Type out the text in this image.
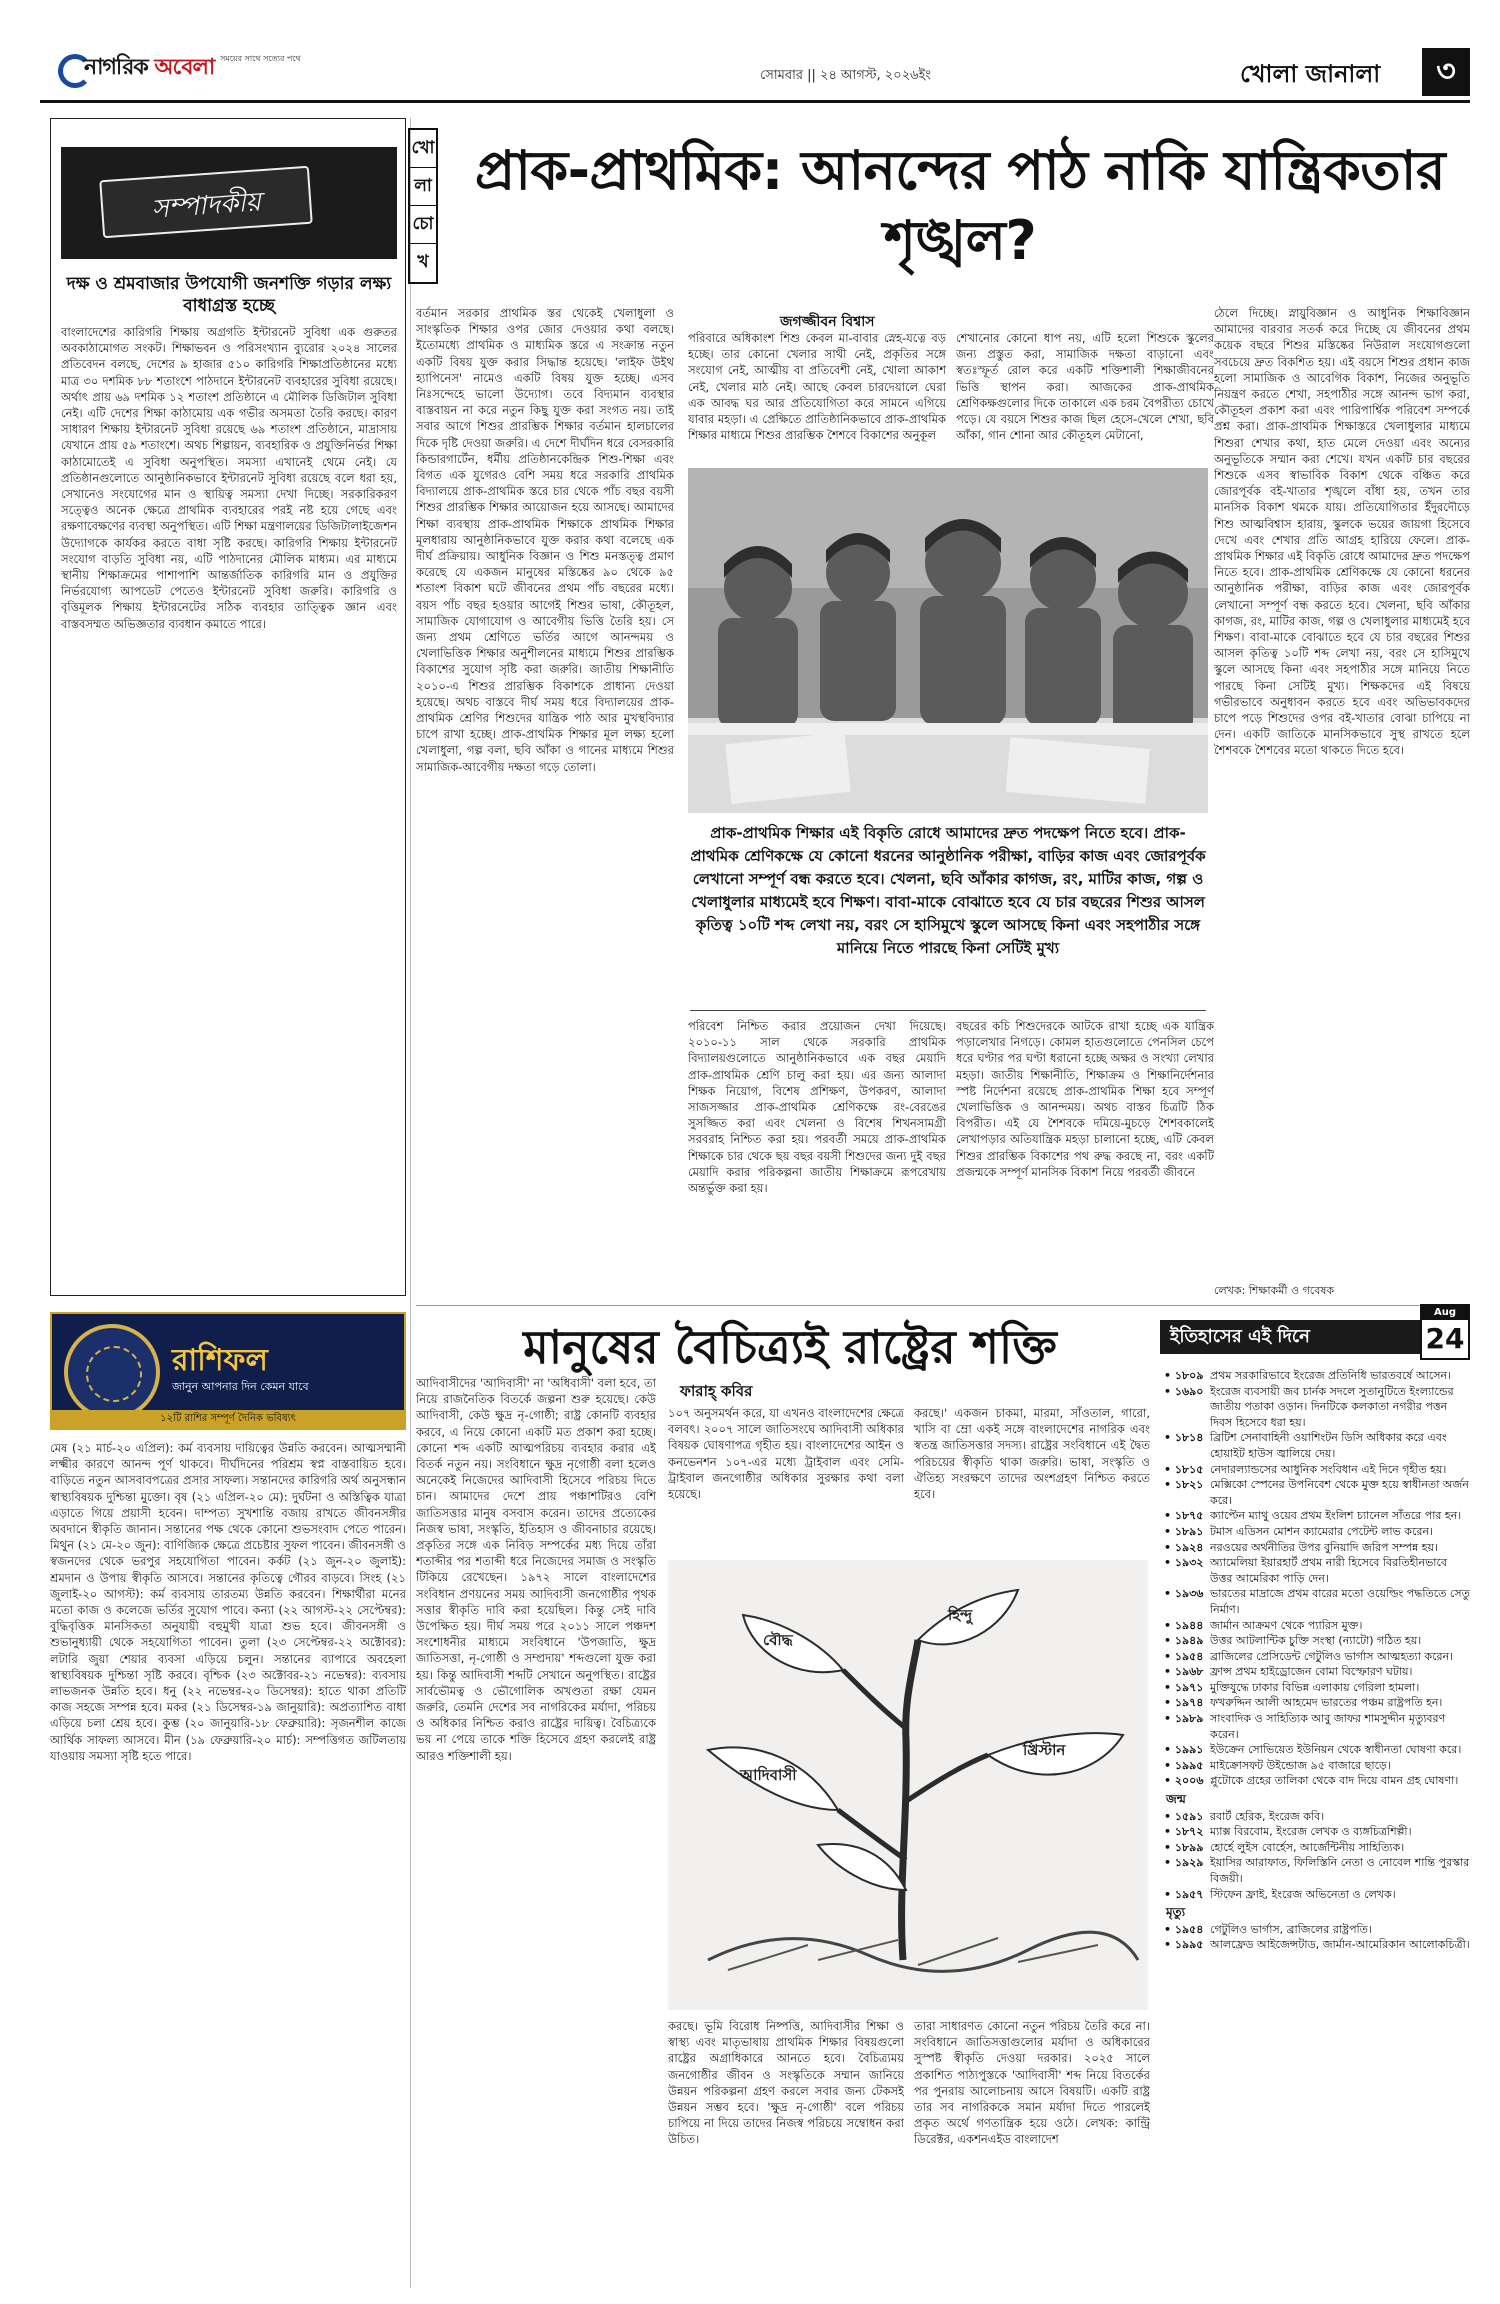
নাগরিক অবেলা সময়ের সাথে সত্যের পথে
সোমবার || ২৪ আগস্ট, ২০২৬ইং	খোলা জানালা	৩
সম্পাদকীয়
দক্ষ ও শ্রমবাজার উপযোগী জনশক্তি গড়ার লক্ষ্য বাধাগ্রস্ত হচ্ছে
বাংলাদেশের কারিগরি শিক্ষায় অগ্রগতি ইন্টারনেট সুবিধা এক গুরুতর অবকাঠামোগত সংকট। শিক্ষাভবন ও পরিসংখ্যান ব্যুরোর ২০২৪ সালের প্রতিবেদন বলছে, দেশের ৯ হাজার ৫১০ কারিগরি শিক্ষাপ্রতিষ্ঠানের মধ্যে মাত্র ৩০ দশমিক ৮৮ শতাংশে পাঠদানে ইন্টারনেট ব্যবহারের সুবিধা রয়েছে। অর্থাৎ প্রায় ৬৯ দশমিক ১২ শতাংশ প্রতিষ্ঠানে এ মৌলিক ডিজিটাল সুবিধা নেই। এটি দেশের শিক্ষা কাঠামোয় এক গভীর অসমতা তৈরি করছে। কারণ সাধারণ শিক্ষায় ইন্টারনেট সুবিধা রয়েছে ৬৯ শতাংশ প্রতিষ্ঠানে, মাদ্রাসায় যেখানে প্রায় ৫৯ শতাংশে। অথচ শিল্পায়ন, ব্যবহারিক ও প্রযুক্তিনির্ভর শিক্ষা কাঠামোতেই এ সুবিধা অনুপস্থিত। সমস্যা এখানেই থেমে নেই। যে প্রতিষ্ঠানগুলোতে আনুষ্ঠানিকভাবে ইন্টারনেট সুবিধা রয়েছে বলে ধরা হয়, সেখানেও সংযোগের মান ও স্থায়িত্ব সমস্যা দেখা দিচ্ছে। সরকারিকরণ সত্ত্বেও অনেক ক্ষেত্রে প্রাথমিক ব্যবহারের পরই নষ্ট হয়ে গেছে এবং রক্ষণাবেক্ষণের ব্যবস্থা অনুপস্থিত। এটি শিক্ষা মন্ত্রণালয়ের ডিজিটালাইজেশন উদ্যোগকে কার্যকর করতে বাধা সৃষ্টি করছে। কারিগরি শিক্ষায় ইন্টারনেট সংযোগ বাড়তি সুবিধা নয়, এটি পাঠদানের মৌলিক মাধ্যম। এর মাধ্যমে স্থানীয় শিক্ষাক্রমের পাশাপাশি আন্তর্জাতিক কারিগরি মান ও প্রযুক্তির নির্ভরযোগ্য আপডেট পেতেও ইন্টারনেট সুবিধা জরুরি। কারিগরি ও বৃত্তিমূলক শিক্ষায় ইন্টারনেটের সঠিক ব্যবহার তাত্ত্বিক জ্ঞান এবং বাস্তবসম্মত অভিজ্ঞতার ব্যবধান কমাতে পারে।
রাশিফল
জানুন আপনার দিন কেমন যাবে
১২টি রাশির সম্পূর্ণ দৈনিক ভবিষ্যৎ
মেষ (২১ মার্চ-২০ এপ্রিল): কর্ম ব্যবসায় দায়িত্বের উন্নতি করবেন। আত্মসম্মানী লক্ষ্মীর কারণে আনন্দ পূর্ণ থাকবে। দীর্ঘদিনের পরিশ্রম স্বপ্ন বাস্তবায়িত হবে। বাড়িতে নতুন আসবাবপত্রের প্রসার সাফল্য। সন্তানদের কারিগরি অর্থ অনুসন্ধান স্বাস্থ্যবিষয়ক দুশ্চিন্তা মুক্তো। বৃষ (২১ এপ্রিল-২০ মে): দুর্ঘটনা ও অস্তিত্বিক যাত্রা এড়াতে গিয়ে প্রয়াসী হবেন। দাম্পত্য সুখশান্তি বজায় রাখতে জীবনসঙ্গীর অবদানে স্বীকৃতি জানান। সন্তানের পক্ষ থেকে কোনো শুভসংবাদ পেতে পারেন। মিথুন (২১ মে-২০ জুন): বাণিজ্যিক ক্ষেত্রে প্রচেষ্টার সুফল পাবেন। জীবনসঙ্গী ও স্বজনদের থেকে ভরপুর সহযোগিতা পাবেন। কর্কট (২১ জুন-২০ জুলাই): শ্রমদান ও উপায় স্বীকৃতি আসবে। সন্তানের কৃতিত্বে গৌরব বাড়বে। সিংহ (২১ জুলাই-২০ আগস্ট): কর্ম ব্যবসায় তারতম্য উন্নতি করবেন। শিক্ষার্থীরা মনের মতো কাজ ও কলেজে ভর্তির সুযোগ পাবে। কন্যা (২২ আগস্ট-২২ সেপ্টেম্বর): বুদ্ধিবৃত্তিক মানসিকতা অনুযায়ী বহুমুখী যাত্রা শুভ হবে। জীবনসঙ্গী ও শুভানুধ্যায়ী থেকে সহযোগিতা পাবেন। তুলা (২৩ সেপ্টেম্বর-২২ অক্টোবর): লটারি জুয়া শেয়ার ব্যবসা এড়িয়ে চলুন। সন্তানের ব্যাপারে অবহেলা স্বাস্থ্যবিষয়ক দুশ্চিন্তা সৃষ্টি করবে। বৃশ্চিক (২৩ অক্টোবর-২১ নভেম্বর): ব্যবসায় লাভজনক উন্নতি হবে। ধনু (২২ নভেম্বর-২০ ডিসেম্বর): হাতে থাকা প্রতিটি কাজ সহজে সম্পন্ন হবে। মকর (২১ ডিসেম্বর-১৯ জানুয়ারি): অপ্রত্যাশিত বাধা এড়িয়ে চলা শ্রেয় হবে। কুম্ভ (২০ জানুয়ারি-১৮ ফেব্রুয়ারি): সৃজনশীল কাজে আর্থিক সাফল্য আসবে। মীন (১৯ ফেব্রুয়ারি-২০ মার্চ): সম্পত্তিগত জটিলতায় যাওয়ায় সমস্যা সৃষ্টি হতে পারে।
খো
লা
চো
খ
প্রাক-প্রাথমিক: আনন্দের পাঠ নাকি যান্ত্রিকতার শৃঙ্খল?
জগজ্জীবন বিশ্বাস
বর্তমান সরকার প্রাথমিক স্তর থেকেই খেলাধুলা ও সাংস্কৃতিক শিক্ষার ওপর জোর দেওয়ার কথা বলছে। ইতোমধ্যে প্রাথমিক ও মাধ্যমিক স্তরে এ সংক্রান্ত নতুন একটি বিষয় যুক্ত করার সিদ্ধান্ত হয়েছে। 'লাইফ উইথ হ্যাপিনেস' নামেও একটি বিষয় যুক্ত হচ্ছে। এসব নিঃসন্দেহে ভালো উদ্যোগ। তবে বিদ্যমান ব্যবস্থার বাস্তবায়ন না করে নতুন কিছু যুক্ত করা সংগত নয়। তাই সবার আগে শিশুর প্রারম্ভিক শিক্ষার বর্তমান হালচালের দিকে দৃষ্টি দেওয়া জরুরি। এ দেশে দীর্ঘদিন ধরে বেসরকারি কিন্ডারগার্টেন, ধর্মীয় প্রতিষ্ঠানকেন্দ্রিক শিশু-শিক্ষা এবং বিগত এক যুগেরও বেশি সময় ধরে সরকারি প্রাথমিক বিদ্যালয়ে প্রাক-প্রাথমিক স্তরে চার থেকে পাঁচ বছর বয়সী শিশুর প্রারম্ভিক শিক্ষার আয়োজন হয়ে আসছে। আমাদের শিক্ষা ব্যবস্থায় প্রাক-প্রাথমিক শিক্ষাকে প্রাথমিক শিক্ষার মূলধারায় আনুষ্ঠানিকভাবে যুক্ত করার কথা বলেছে এক দীর্ঘ প্রক্রিয়ায়। আধুনিক বিজ্ঞান ও শিশু মনস্তত্ত্ব প্রমাণ করেছে যে একজন মানুষের মস্তিষ্কের ৯০ থেকে ৯৫ শতাংশ বিকাশ ঘটে জীবনের প্রথম পাঁচ বছরের মধ্যে। বয়স পাঁচ বছর হওয়ার আগেই শিশুর ভাষা, কৌতূহল, সামাজিক যোগাযোগ ও আবেগীয় ভিত্তি তৈরি হয়। সে জন্য প্রথম শ্রেণিতে ভর্তির আগে আনন্দময় ও খেলাভিত্তিক শিক্ষার অনুশীলনের মাধ্যমে শিশুর প্রারম্ভিক বিকাশের সুযোগ সৃষ্টি করা জরুরি। জাতীয় শিক্ষানীতি ২০১০-এ শিশুর প্রারম্ভিক বিকাশকে প্রাধান্য দেওয়া হয়েছে। অথচ বাস্তবে দীর্ঘ সময় ধরে বিদ্যালয়ের প্রাক-প্রাথমিক শ্রেণির শিশুদের যান্ত্রিক পাঠ আর মুখস্থবিদ্যার চাপে রাখা হচ্ছে। প্রাক-প্রাথমিক শিক্ষার মূল লক্ষ্য হলো খেলাধুলা, গল্প বলা, ছবি আঁকা ও গানের মাধ্যমে শিশুর সামাজিক-আবেগীয় দক্ষতা গড়ে তোলা।
পরিবারে অধিকাংশ শিশু কেবল মা-বাবার স্নেহ-যত্নে বড় হচ্ছে। তার কোনো খেলার সাথী নেই, প্রকৃতির সঙ্গে সংযোগ নেই, আত্মীয় বা প্রতিবেশী নেই, খোলা আকাশ নেই, খেলার মাঠ নেই। আছে কেবল চারদেয়ালে ঘেরা এক আবদ্ধ ঘর আর প্রতিযোগিতা করে সামনে এগিয়ে যাবার মহড়া। এ প্রেক্ষিতে প্রাতিষ্ঠানিকভাবে প্রাক-প্রাথমিক শিক্ষার মাধ্যমে শিশুর প্রারম্ভিক শৈশবে বিকাশের অনুকূল
শেখানোর কোনো ধাপ নয়, এটি হলো শিশুকে স্কুলের জন্য প্রস্তুত করা, সামাজিক দক্ষতা বাড়ানো এবং স্বতঃস্ফূর্ত রোল করে একটি শক্তিশালী শিক্ষাজীবনের ভিত্তি স্থাপন করা। আজকের প্রাক-প্রাথমিক শ্রেণিকক্ষগুলোর দিকে তাকালে এক চরম বৈপরীত্য চোখে পড়ে। যে বয়সে শিশুর কাজ ছিল হেসে-খেলে শেখা, ছবি আঁকা, গান শোনা আর কৌতূহল মেটানো,
প্রাক-প্রাথমিক শিক্ষার এই বিকৃতি রোধে আমাদের দ্রুত পদক্ষেপ নিতে হবে। প্রাক-প্রাথমিক শ্রেণিকক্ষে যে কোনো ধরনের আনুষ্ঠানিক পরীক্ষা, বাড়ির কাজ এবং জোরপূর্বক লেখানো সম্পূর্ণ বন্ধ করতে হবে। খেলনা, ছবি আঁকার কাগজ, রং, মাটির কাজ, গল্প ও খেলাধুলার মাধ্যমেই হবে শিক্ষণ। বাবা-মাকে বোঝাতে হবে যে চার বছরের শিশুর আসল কৃতিত্ব ১০টি শব্দ লেখা নয়, বরং সে হাসিমুখে স্কুলে আসছে কিনা এবং সহপাঠীর সঙ্গে মানিয়ে নিতে পারছে কিনা সেটিই মুখ্য
পরিবেশ নিশ্চিত করার প্রয়োজন দেখা দিয়েছে। ২০১০-১১ সাল থেকে সরকারি প্রাথমিক বিদ্যালয়গুলোতে আনুষ্ঠানিকভাবে এক বছর মেয়াদি প্রাক-প্রাথমিক শ্রেণি চালু করা হয়। এর জন্য আলাদা শিক্ষক নিয়োগ, বিশেষ প্রশিক্ষণ, উপকরণ, আলাদা সাজসজ্জার প্রাক-প্রাথমিক শ্রেণিকক্ষে রং-বেরঙের সুসজ্জিত করা এবং খেলনা ও বিশেষ শিখনসামগ্রী সরবরাহ নিশ্চিত করা হয়। পরবর্তী সময়ে প্রাক-প্রাথমিক শিক্ষাকে চার থেকে ছয় বছর বয়সী শিশুদের জন্য দুই বছর মেয়াদি করার পরিকল্পনা জাতীয় শিক্ষাক্রমে রূপরেখায় অন্তর্ভুক্ত করা হয়।
বছরের কচি শিশুদেরকে আটকে রাখা হচ্ছে এক যান্ত্রিক পড়ালেখার নিগড়ে। কোমল হাতগুলোতে পেনসিল চেপে ধরে ঘণ্টার পর ঘণ্টা ধরানো হচ্ছে অক্ষর ও সংখ্যা লেখার মহড়া। জাতীয় শিক্ষানীতি, শিক্ষাক্রম ও শিক্ষানির্দেশনার স্পষ্ট নির্দেশনা রয়েছে প্রাক-প্রাথমিক শিক্ষা হবে সম্পূর্ণ খেলাভিত্তিক ও আনন্দময়। অথচ বাস্তব চিত্রটি ঠিক বিপরীত। এই যে শৈশবকে দমিয়ে-মুচড়ে শৈশবকালেই লেখাপড়ার অতিযান্ত্রিক মহড়া চালানো হচ্ছে, এটি কেবল শিশুর প্রারম্ভিক বিকাশের পথ রুদ্ধ করছে না, বরং একটি প্রজন্মকে সম্পূর্ণ মানসিক বিকাশ নিয়ে পরবর্তী জীবনে
ঠেলে দিচ্ছে। স্নায়ুবিজ্ঞান ও আধুনিক শিক্ষাবিজ্ঞান আমাদের বারবার সতর্ক করে দিচ্ছে যে জীবনের প্রথম কয়েক বছরে শিশুর মস্তিষ্কের নিউরাল সংযোগগুলো সবচেয়ে দ্রুত বিকশিত হয়। এই বয়সে শিশুর প্রধান কাজ হলো সামাজিক ও আবেগিক বিকাশ, নিজের অনুভূতি নিয়ন্ত্রণ করতে শেখা, সহপাঠীর সঙ্গে আনন্দ ভাগ করা, কৌতূহল প্রকাশ করা এবং পারিপার্শ্বিক পরিবেশ সম্পর্কে প্রশ্ন করা। প্রাক-প্রাথমিক শিক্ষাস্তরে খেলাধুলার মাধ্যমে শিশুরা শেখার কথা, হাত মেলে দেওয়া এবং অন্যের অনুভূতিকে সম্মান করা শেখে। যখন একটি চার বছরের শিশুকে এসব স্বাভাবিক বিকাশ থেকে বঞ্চিত করে জোরপূর্বক বই-খাতার শৃঙ্খলে বাঁধা হয়, তখন তার মানসিক বিকাশ থমকে যায়। প্রতিযোগিতার ইঁদুরদৌড়ে শিশু আত্মবিশ্বাস হারায়, স্কুলকে ভয়ের জায়গা হিসেবে দেখে এবং শেখার প্রতি আগ্রহ হারিয়ে ফেলে। প্রাক-প্রাথমিক শিক্ষার এই বিকৃতি রোধে আমাদের দ্রুত পদক্ষেপ নিতে হবে। প্রাক-প্রাথমিক শ্রেণিকক্ষে যে কোনো ধরনের আনুষ্ঠানিক পরীক্ষা, বাড়ির কাজ এবং জোরপূর্বক লেখানো সম্পূর্ণ বন্ধ করতে হবে। খেলনা, ছবি আঁকার কাগজ, রং, মাটির কাজ, গল্প ও খেলাধুলার মাধ্যমেই হবে শিক্ষণ। বাবা-মাকে বোঝাতে হবে যে চার বছরের শিশুর আসল কৃতিত্ব ১০টি শব্দ লেখা নয়, বরং সে হাসিমুখে স্কুলে আসছে কিনা এবং সহপাঠীর সঙ্গে মানিয়ে নিতে পারছে কিনা সেটিই মুখ্য। শিক্ষকদের এই বিষয়ে গভীরভাবে অনুধাবন করতে হবে এবং অভিভাবকদের চাপে পড়ে শিশুদের ওপর বই-খাতার বোঝা চাপিয়ে না দেন। একটি জাতিকে মানসিকভাবে সুস্থ রাখতে হলে শৈশবকে শৈশবের মতো থাকতে দিতে হবে।
লেখক: শিক্ষাকর্মী ও গবেষক
মানুষের বৈচিত্র্যই রাষ্ট্রের শক্তি
ফারাহ্ কবির
আদিবাসীদের 'আদিবাসী' না 'অধিবাসী' বলা হবে, তা নিয়ে রাজনৈতিক বিতর্কে জল্পনা শুরু হয়েছে। কেউ আদিবাসী, কেউ ক্ষুদ্র নৃ-গোষ্ঠী; রাষ্ট্র কোনটি ব্যবহার করবে, এ নিয়ে কোনো একটি মত প্রকাশ করা হচ্ছে। কোনো শব্দ একটি আত্মপরিচয় ব্যবহার করার এই বিতর্ক নতুন নয়। সংবিধানে ক্ষুদ্র নৃগোষ্ঠী বলা হলেও অনেকেই নিজেদের আদিবাসী হিসেবে পরিচয় দিতে চান। আমাদের দেশে প্রায় পঞ্চাশটিরও বেশি জাতিসত্তার মানুষ বসবাস করেন। তাদের প্রত্যেকের নিজস্ব ভাষা, সংস্কৃতি, ইতিহাস ও জীবনাচার রয়েছে। প্রকৃতির সঙ্গে এক নিবিড় সম্পর্কের মধ্য দিয়ে তাঁরা শতাব্দীর পর শতাব্দী ধরে নিজেদের সমাজ ও সংস্কৃতি টিকিয়ে রেখেছেন। ১৯৭২ সালে বাংলাদেশের সংবিধান প্রণয়নের সময় আদিবাসী জনগোষ্ঠীর পৃথক সত্তার স্বীকৃতি দাবি করা হয়েছিল। কিন্তু সেই দাবি উপেক্ষিত হয়। দীর্ঘ সময় পরে ২০১১ সালে পঞ্চদশ সংশোধনীর মাধ্যমে সংবিধানে 'উপজাতি, ক্ষুদ্র জাতিসত্তা, নৃ-গোষ্ঠী ও সম্প্রদায়' শব্দগুলো যুক্ত করা হয়। কিন্তু আদিবাসী শব্দটি সেখানে অনুপস্থিত। রাষ্ট্রের সার্বভৌমত্ব ও ভৌগোলিক অখণ্ডতা রক্ষা যেমন জরুরি, তেমনি দেশের সব নাগরিকের মর্যাদা, পরিচয় ও অধিকার নিশ্চিত করাও রাষ্ট্রের দায়িত্ব। বৈচিত্র্যকে ভয় না পেয়ে তাকে শক্তি হিসেবে গ্রহণ করলেই রাষ্ট্র আরও শক্তিশালী হয়।
১০৭ অনুসমর্থন করে, যা এখনও বাংলাদেশের ক্ষেত্রে বলবৎ। ২০০৭ সালে জাতিসংঘে আদিবাসী অধিকার বিষয়ক ঘোষণাপত্র গৃহীত হয়। বাংলাদেশের আইন ও কনভেনশন ১০৭-এর মধ্যে ট্রাইবাল এবং সেমি-ট্রাইবাল জনগোষ্ঠীর অধিকার সুরক্ষার কথা বলা হয়েছে।
করছে।' একজন চাকমা, মারমা, সাঁওতাল, গারো, খাসি বা ম্রো একই সঙ্গে বাংলাদেশের নাগরিক এবং স্বতন্ত্র জাতিসত্তার সদস্য। রাষ্ট্রের সংবিধানে এই দ্বৈত পরিচয়ের স্বীকৃতি থাকা জরুরি। ভাষা, সংস্কৃতি ও ঐতিহ্য সংরক্ষণে তাদের অংশগ্রহণ নিশ্চিত করতে হবে।
আদিবাসী
খ্রিস্টান
বৌদ্ধ
হিন্দু
করছে। ভূমি বিরোধ নিষ্পত্তি, আদিবাসীর শিক্ষা ও স্বাস্থ্য এবং মাতৃভাষায় প্রাথমিক শিক্ষার বিষয়গুলো রাষ্ট্রের অগ্রাধিকারে আনতে হবে। বৈচিত্র্যময় জনগোষ্ঠীর জীবন ও সংস্কৃতিকে সম্মান জানিয়ে উন্নয়ন পরিকল্পনা গ্রহণ করলে সবার জন্য টেকসই উন্নয়ন সম্ভব হবে। 'ক্ষুদ্র নৃ-গোষ্ঠী' বলে পরিচয় চাপিয়ে না দিয়ে তাদের নিজস্ব পরিচয়ে সম্বোধন করা উচিত।
তারা সাধারণত কোনো নতুন পরিচয় তৈরি করে না। সংবিধানে জাতিসত্তাগুলোর মর্যাদা ও অধিকারের সুস্পষ্ট স্বীকৃতি দেওয়া দরকার। ২০২৫ সালে প্রকাশিত পাঠ্যপুস্তকে 'আদিবাসী' শব্দ নিয়ে বিতর্কের পর পুনরায় আলোচনায় আসে বিষয়টি। একটি রাষ্ট্র তার সব নাগরিককে সমান মর্যাদা দিতে পারলেই প্রকৃত অর্থে গণতান্ত্রিক হয়ে ওঠে। লেখক: কান্ট্রি ডিরেক্টর, একশনএইড বাংলাদেশ
ইতিহাসের এই দিনে
Aug
24
• ১৮০৯ প্রথম সরকারিভাবে ইংরেজ প্রতিনিধি ভারতবর্ষে আসেন।
• ১৬৯০ ইংরেজ ব্যবসায়ী জব চার্নক সদলে সুতানুটিতে ইংল্যান্ডের জাতীয় পতাকা ওড়ান। দিনটিকে কলকাতা নগরীর পত্তন দিবস হিসেবে ধরা হয়।
• ১৮১৪ ব্রিটিশ সেনাবাহিনী ওয়াশিংটন ডিসি অধিকার করে এবং হোয়াইট হাউস জ্বালিয়ে দেয়।
• ১৮১৫ নেদারল্যান্ডসের আধুনিক সংবিধান এই দিনে গৃহীত হয়।
• ১৮২১ মেক্সিকো স্পেনের উপনিবেশ থেকে মুক্ত হয়ে স্বাধীনতা অর্জন করে।
• ১৮৭৫ ক্যাপ্টেন ম্যাথু ওয়েব প্রথম ইংলিশ চ্যানেল সাঁতরে পার হন।
• ১৮৯১ টমাস এডিসন মোশন ক্যামেরার পেটেন্ট লাভ করেন।
• ১৯২৪ নরওয়ের অর্থনীতির উপর বুনিয়াদি জরিপ সম্পন্ন হয়।
• ১৯৩২ অ্যামেলিয়া ইয়ারহার্ট প্রথম নারী হিসেবে বিরতিহীনভাবে উত্তর আমেরিকা পাড়ি দেন।
• ১৯৩৬ ভারতের মাদ্রাজে প্রথম বারের মতো ওয়েল্ডিং পদ্ধতিতে সেতু নির্মাণ।
• ১৯৪৪ জার্মান আক্রমণ থেকে প্যারিস মুক্ত।
• ১৯৪৯ উত্তর আটলান্টিক চুক্তি সংস্থা (ন্যাটো) গঠিত হয়।
• ১৯৫৪ ব্রাজিলের প্রেসিডেন্ট গেটুলিও ভার্গাস আত্মহত্যা করেন।
• ১৯৬৮ ফ্রান্স প্রথম হাইড্রোজেন বোমা বিস্ফোরণ ঘটায়।
• ১৯৭১ মুক্তিযুদ্ধে ঢাকার বিভিন্ন এলাকায় গেরিলা হামলা।
• ১৯৭৪ ফখরুদ্দিন আলী আহমেদ ভারতের পঞ্চম রাষ্ট্রপতি হন।
• ১৯৮৯ সাংবাদিক ও সাহিত্যিক আবু জাফর শামসুদ্দীন মৃত্যুবরণ করেন।
• ১৯৯১ ইউক্রেন সোভিয়েত ইউনিয়ন থেকে স্বাধীনতা ঘোষণা করে।
• ১৯৯৫ মাইক্রোসফট উইন্ডোজ ৯৫ বাজারে ছাড়ে।
• ২০০৬ প্লুটোকে গ্রহের তালিকা থেকে বাদ দিয়ে বামন গ্রহ ঘোষণা।
জন্ম
• ১৫৯১ রবার্ট হেরিক, ইংরেজ কবি।
• ১৮৭২ ম্যাক্স বিরবোম, ইংরেজ লেখক ও ব্যঙ্গচিত্রশিল্পী।
• ১৮৯৯ হোর্হে লুইস বোর্হেস, আর্জেন্টিনীয় সাহিত্যিক।
• ১৯২৯ ইয়াসির আরাফাত, ফিলিস্তিনি নেতা ও নোবেল শান্তি পুরস্কার বিজয়ী।
• ১৯৫৭ স্টিফেন ফ্রাই, ইংরেজ অভিনেতা ও লেখক।
মৃত্যু
• ১৯৫৪ গেটুলিও ভার্গাস, ব্রাজিলের রাষ্ট্রপতি।
• ১৯৯৫ আলফ্রেড আইজেন্সটাড, জার্মান-আমেরিকান আলোকচিত্রী।
